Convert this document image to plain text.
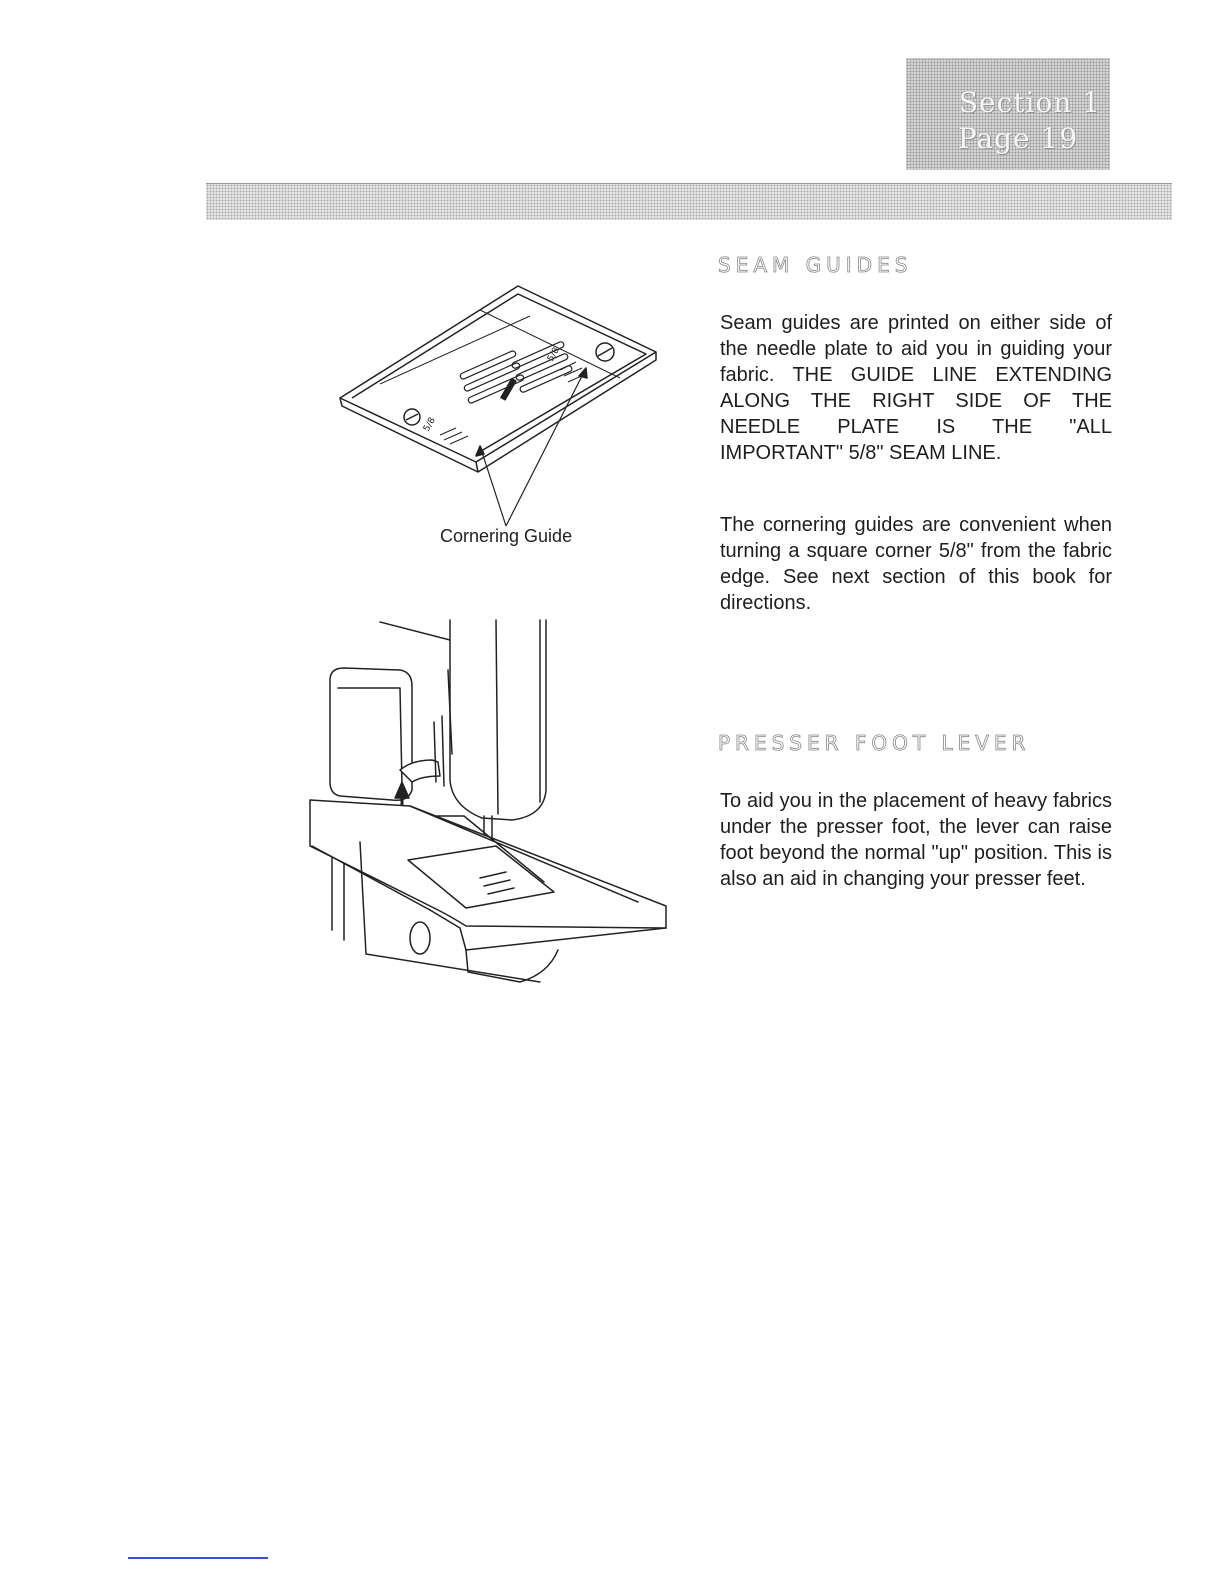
Section 1
Page 19
5/8
5/8
Cornering Guide
SEAM GUIDES

Seam guides are printed on either side of the needle plate to aid you in guiding your fabric. THE GUIDE LINE EXTENDING ALONG THE RIGHT SIDE OF THE NEEDLE PLATE IS THE "ALL IMPORTANT" 5/8" SEAM LINE.

The cornering guides are convenient when turning a square corner 5/8" from the fabric edge. See next section of this book for directions.

PRESSER FOOT LEVER

To aid you in the placement of heavy fabrics under the presser foot, the lever can raise foot beyond the normal "up" position. This is also an aid in changing your presser feet.
